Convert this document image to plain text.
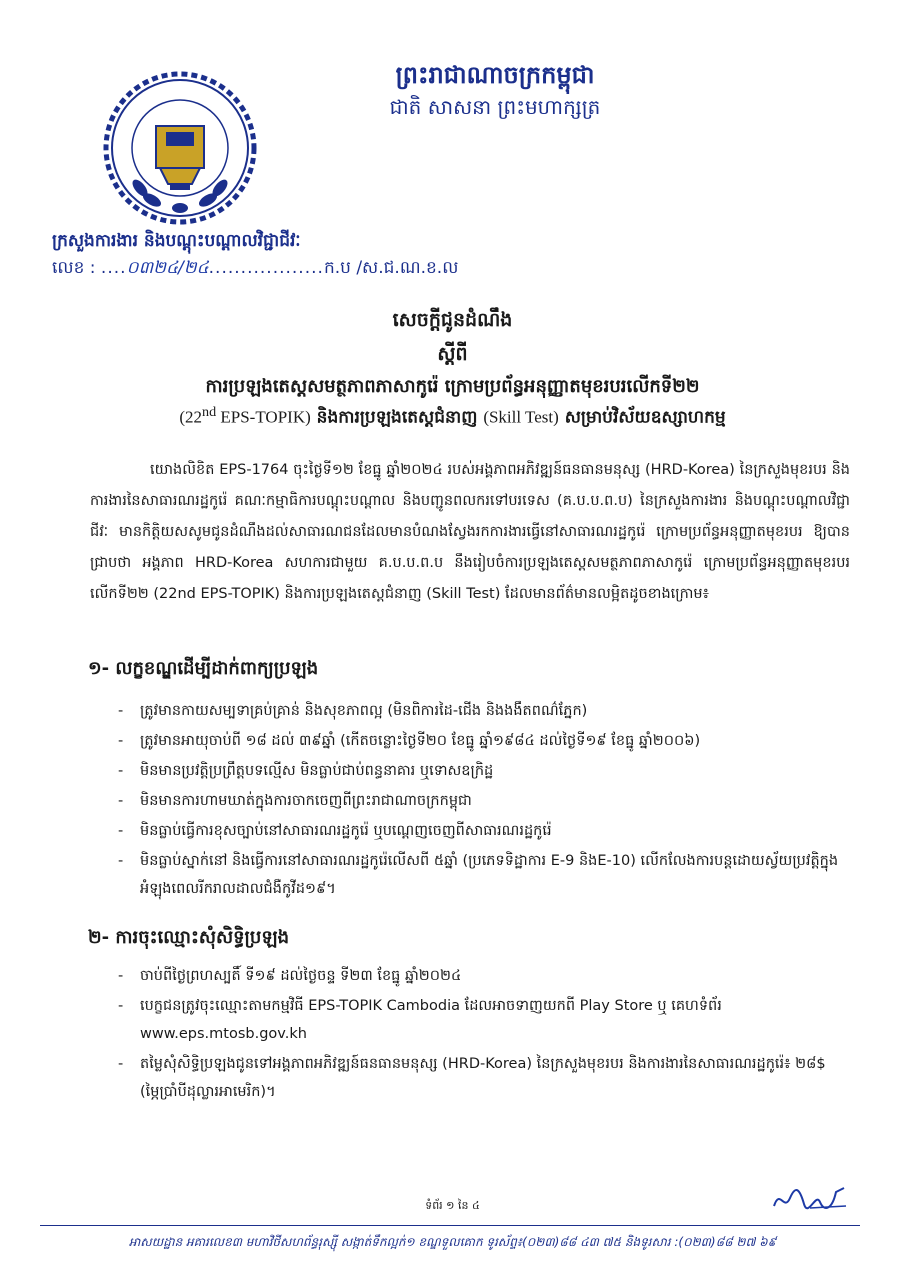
ព្រះរាជាណាចក្រកម្ពុជា
ជាតិ សាសនា ព្រះមហាក្សត្រ
ក្រសួងការងារ និងបណ្តុះបណ្តាលវិជ្ជាជីវៈ
លេខ : ....០៣២៤/២៤..................ក.ប /ស.ជ.ណ.ខ.ល
សេចក្តីជូនដំណឹង
ស្តីពី
ការប្រឡងតេស្តសមត្ថភាពភាសាកូរ៉េ ក្រោមប្រព័ន្ធអនុញ្ញាតមុខរបរលើកទី២២
(22nd EPS-TOPIK) និងការប្រឡងតេស្តជំនាញ (Skill Test) សម្រាប់វិស័យឧស្សាហកម្ម

យោងលិខិត EPS-1764 ចុះថ្ងៃទី១២ ខែធ្នូ ឆ្នាំ២០២៤ របស់អង្គភាពអភិវឌ្ឍន៍ធនធានមនុស្ស (HRD-Korea) នៃក្រសួងមុខរបរ និងការងារនៃសាធារណរដ្ឋកូរ៉េ គណៈកម្មាធិការបណ្តុះបណ្តាល និងបញ្ជូនពលករទៅបរទេស (គ.ប.ប.ព.ប) នៃក្រសួងការងារ និងបណ្តុះបណ្តាលវិជ្ជាជីវៈ មានកិត្តិយសសូមជូនដំណឹងដល់សាធារណជនដែលមានបំណងស្វែងរកការងារធ្វើនៅសាធារណរដ្ឋកូរ៉េ ក្រោមប្រព័ន្ធអនុញ្ញាតមុខរបរ ឱ្យបានជ្រាបថា អង្គភាព HRD-Korea សហការជាមួយ គ.ប.ប.ព.ប នឹងរៀបចំការប្រឡងតេស្តសមត្ថភាពភាសាកូរ៉េ ក្រោមប្រព័ន្ធអនុញ្ញាតមុខរបរលើកទី២២ (22nd EPS-TOPIK) និងការប្រឡងតេស្តជំនាញ (Skill Test) ដែលមានព័ត៌មានលម្អិតដូចខាងក្រោម៖

១- លក្ខខណ្ឌដើម្បីដាក់ពាក្យប្រឡង
- ត្រូវមានកាយសម្បទាគ្រប់គ្រាន់ និងសុខភាពល្អ (មិនពិការដៃ-ជើង និងងងឹតពណ៌ភ្នែក)
- ត្រូវមានអាយុចាប់ពី ១៨ ដល់ ៣៩ឆ្នាំ (កើតចន្លោះថ្ងៃទី២០ ខែធ្នូ ឆ្នាំ១៩៨៤ ដល់ថ្ងៃទី១៩ ខែធ្នូ ឆ្នាំ២០០៦)
- មិនមានប្រវត្តិប្រព្រឹត្តបទល្មើស មិនធ្លាប់ជាប់ពន្ធនាគារ ឬទោសឧក្រិដ្ឋ
- មិនមានការហាមឃាត់ក្នុងការចាកចេញពីព្រះរាជាណាចក្រកម្ពុជា
- មិនធ្លាប់ធ្វើការខុសច្បាប់នៅសាធារណរដ្ឋកូរ៉េ ឬបណ្តេញចេញពីសាធារណរដ្ឋកូរ៉េ
- មិនធ្លាប់ស្នាក់នៅ និងធ្វើការនៅសាធារណរដ្ឋកូរ៉េលើសពី ៥ឆ្នាំ (ប្រភេទទិដ្ឋាការ E-9 និងE-10) លើកលែងការបន្តដោយស្វ័យប្រវត្តិក្នុងអំឡុងពេលរីករាលដាលជំងឺកូវីដ១៩។
២- ការចុះឈ្មោះសុំសិទ្ធិប្រឡង
- ចាប់ពីថ្ងៃព្រហស្បតិ៍ ទី១៩ ដល់ថ្ងៃចន្ទ ទី២៣ ខែធ្នូ ឆ្នាំ២០២៤
- បេក្ខជនត្រូវចុះឈ្មោះតាមកម្មវិធី EPS-TOPIK Cambodia ដែលអាចទាញយកពី Play Store ឬ គេហទំព័រ www.eps.mtosb.gov.kh
- តម្លៃសុំសិទ្ធិប្រឡងជូនទៅអង្គភាពអភិវឌ្ឍន៍ធនធានមនុស្ស (HRD-Korea) នៃក្រសួងមុខរបរ និងការងារនៃសាធារណរដ្ឋកូរ៉េ៖ ២៨$ (ម្ភៃប្រាំបីដុល្លារអាមេរិក)។
ទំព័រ ១ នៃ ៤
អាសយដ្ឋាន អគារលេខ៣ មហាវិថីសហព័ន្ធរុស្ស៊ី សង្កាត់ទឹកល្អក់១ ខណ្ឌទួលគោក ទូរស័ព្ទ៖(០២៣)៨៨ ៤៣ ៧៥ និងទូរសារ :(០២៣)៨៨ ២៧ ៦៩
